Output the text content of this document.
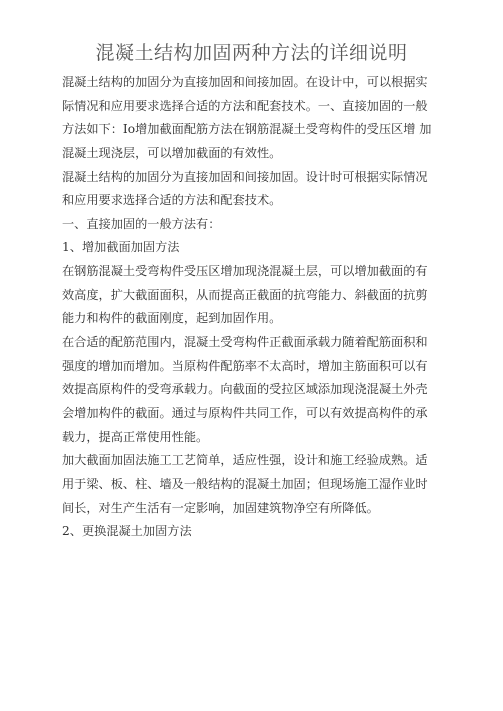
混凝土结构加固两种方法的详细说明
混凝土结构的加固分为直接加固和间接加固。在设计中，可以根据实
际情况和应用要求选择合适的方法和配套技术。一、直接加固的一般
方法如下：Io增加截面配筋方法在钢筋混凝土受弯构件的受压区增 加
混凝土现浇层，可以增加截面的有效性。
混凝土结构的加固分为直接加固和间接加固。设计时可根据实际情况
和应用要求选择合适的方法和配套技术。
一、直接加固的一般方法有：
1、增加截面加固方法
在钢筋混凝土受弯构件受压区增加现浇混凝土层，可以增加截面的有
效高度，扩大截面面积，从而提高正截面的抗弯能力、斜截面的抗剪
能力和构件的截面刚度，起到加固作用。
在合适的配筋范围内，混凝土受弯构件正截面承载力随着配筋面积和
强度的增加而增加。当原构件配筋率不太高时，增加主筋面积可以有
效提高原构件的受弯承载力。向截面的受拉区域添加现浇混凝土外壳
会增加构件的截面。通过与原构件共同工作，可以有效提高构件的承
载力，提高正常使用性能。
加大截面加固法施工工艺简单，适应性强，设计和施工经验成熟。适
用于梁、板、柱、墙及一般结构的混凝土加固；但现场施工湿作业时
间长，对生产生活有一定影响，加固建筑物净空有所降低。
2、更换混凝土加固方法
